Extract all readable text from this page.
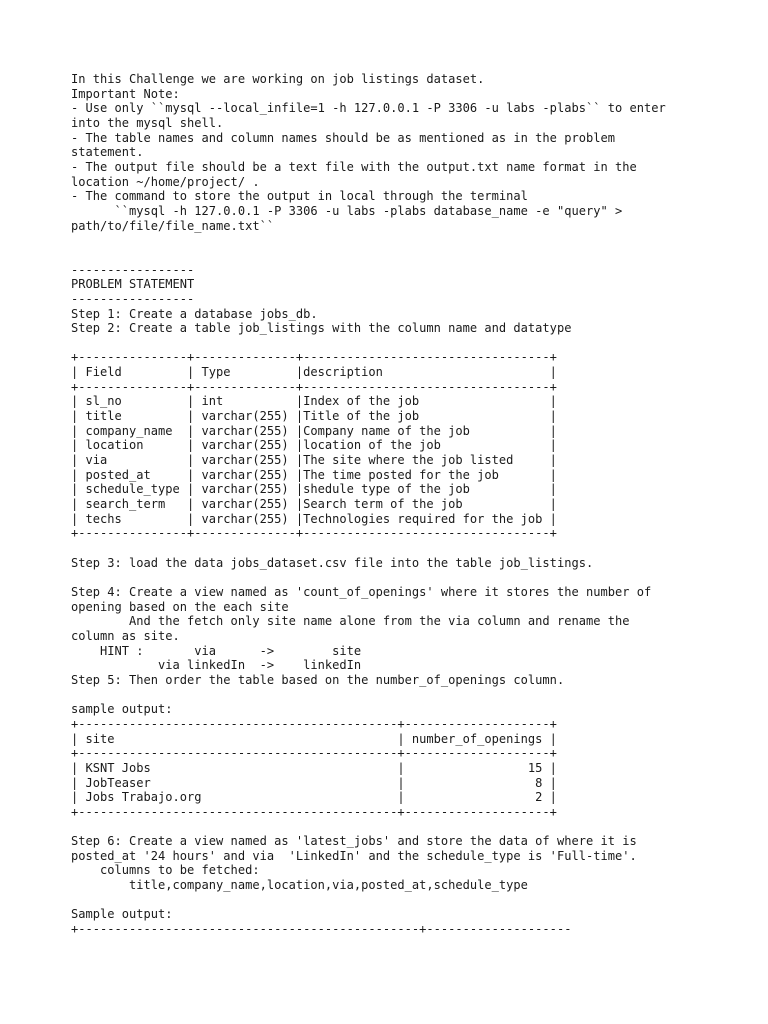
In this Challenge we are working on job listings dataset.
Important Note:
- Use only ``mysql --local_infile=1 -h 127.0.0.1 -P 3306 -u labs -plabs`` to enter
into the mysql shell.
- The table names and column names should be as mentioned as in the problem
statement.
- The output file should be a text file with the output.txt name format in the
location ~/home/project/ .
- The command to store the output in local through the terminal
``mysql -h 127.0.0.1 -P 3306 -u labs -plabs database_name -e "query" >
path/to/file/file_name.txt``

-----------------
PROBLEM STATEMENT
-----------------
Step 1: Create a database jobs_db.
Step 2: Create a table job_listings with the column name and datatype

+---------------+--------------+----------------------------------+
| Field         | Type         |description                       |
+---------------+--------------+----------------------------------+
| sl_no         | int          |Index of the job                  |
| title         | varchar(255) |Title of the job                  |
| company_name  | varchar(255) |Company name of the job           |
| location      | varchar(255) |location of the job               |
| via           | varchar(255) |The site where the job listed     |
| posted_at     | varchar(255) |The time posted for the job       |
| schedule_type | varchar(255) |shedule type of the job           |
| search_term   | varchar(255) |Search term of the job            |
| techs         | varchar(255) |Technologies required for the job |
+---------------+--------------+----------------------------------+

Step 3: load the data jobs_dataset.csv file into the table job_listings.

Step 4: Create a view named as 'count_of_openings' where it stores the number of
opening based on the each site
And the fetch only site name alone from the via column and rename the
column as site.
HINT :       via      ->        site
via linkedIn  ->    linkedIn
Step 5: Then order the table based on the number_of_openings column.

sample output:
+--------------------------------------------+--------------------+
| site                                       | number_of_openings |
+--------------------------------------------+--------------------+
| KSNT Jobs                                  |                 15 |
| JobTeaser                                  |                  8 |
| Jobs Trabajo.org                           |                  2 |
+--------------------------------------------+--------------------+

Step 6: Create a view named as 'latest_jobs' and store the data of where it is
posted_at '24 hours' and via  'LinkedIn' and the schedule_type is 'Full-time'.
columns to be fetched:
title,company_name,location,via,posted_at,schedule_type

Sample output:
+-----------------------------------------------+--------------------
